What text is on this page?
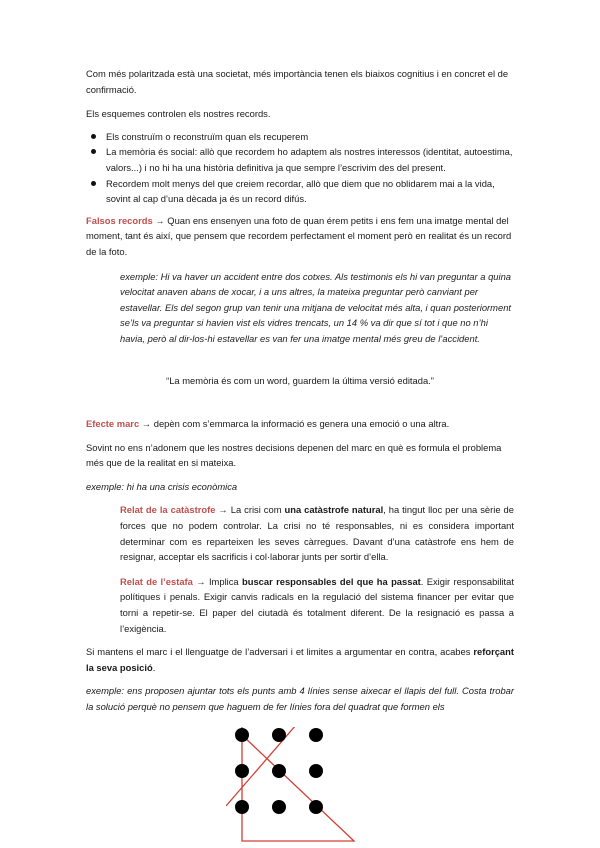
Com més polaritzada està una societat, més importància tenen els biaixos cognitius i en concret el de confirmació.

Els esquemes controlen els nostres records.

Els construïm o reconstruïm quan els recuperem
La memòria és social: allò que recordem ho adaptem als nostres interessos (identitat, autoestima, valors...) i no hi ha una història definitiva ja que sempre l’escrivim des del present.
Recordem molt menys del que creiem recordar, allò que diem que no oblidarem mai a la vida, sovint al cap d’una dècada ja és un record difús.

Falsos records → Quan ens ensenyen una foto de quan érem petits i ens fem una imatge mental del moment, tant és així, que pensem que recordem perfectament el moment però en realitat és un record de la foto.

exemple: Hi va haver un accident entre dos cotxes. Als testimonis els hi van preguntar a quina velocitat anaven abans de xocar, i a uns altres, la mateixa preguntar però canviant per estavellar. Els del segon grup van tenir una mitjana de velocitat més alta, i quan posteriorment se’ls va preguntar si havien vist els vidres trencats, un 14 % va dir que sí tot i que no n’hi havia, però al dir-los-hi estavellar es van fer una imatge mental més greu de l’accident.

“La memòria és com un word, guardem la última versió editada.”

Efecte marc → depèn com s’emmarca la informació es genera una emoció o una altra.

Sovint no ens n’adonem que les nostres decisions depenen del marc en què es formula el problema més que de la realitat en si mateixa.

exemple: hi ha una crisis econòmica

Relat de la catàstrofe → La crisi com una catàstrofe natural, ha tingut lloc per una sèrie de forces que no podem controlar. La crisi no té responsables, ni es considera important determinar com es reparteixen les seves càrregues. Davant d’una catàstrofe ens hem de resignar, acceptar els sacrificis i col·laborar junts per sortir d’ella.

Relat de l’estafa → Implica buscar responsables del que ha passat. Exigir responsabilitat polítiques i penals. Exigir canvis radicals en la regulació del sistema financer per evitar que torni a repetir-se. El paper del ciutadà és totalment diferent. De la resignació es passa a l’exigència.

Si mantens el marc i el llenguatge de l’adversari i et limites a argumentar en contra, acabes reforçant la seva posició.

exemple: ens proposen ajuntar tots els punts amb 4 línies sense aixecar el llapis del full. Costa trobar la solució perquè no pensem que haguem de fer línies fora del quadrat que formen els
